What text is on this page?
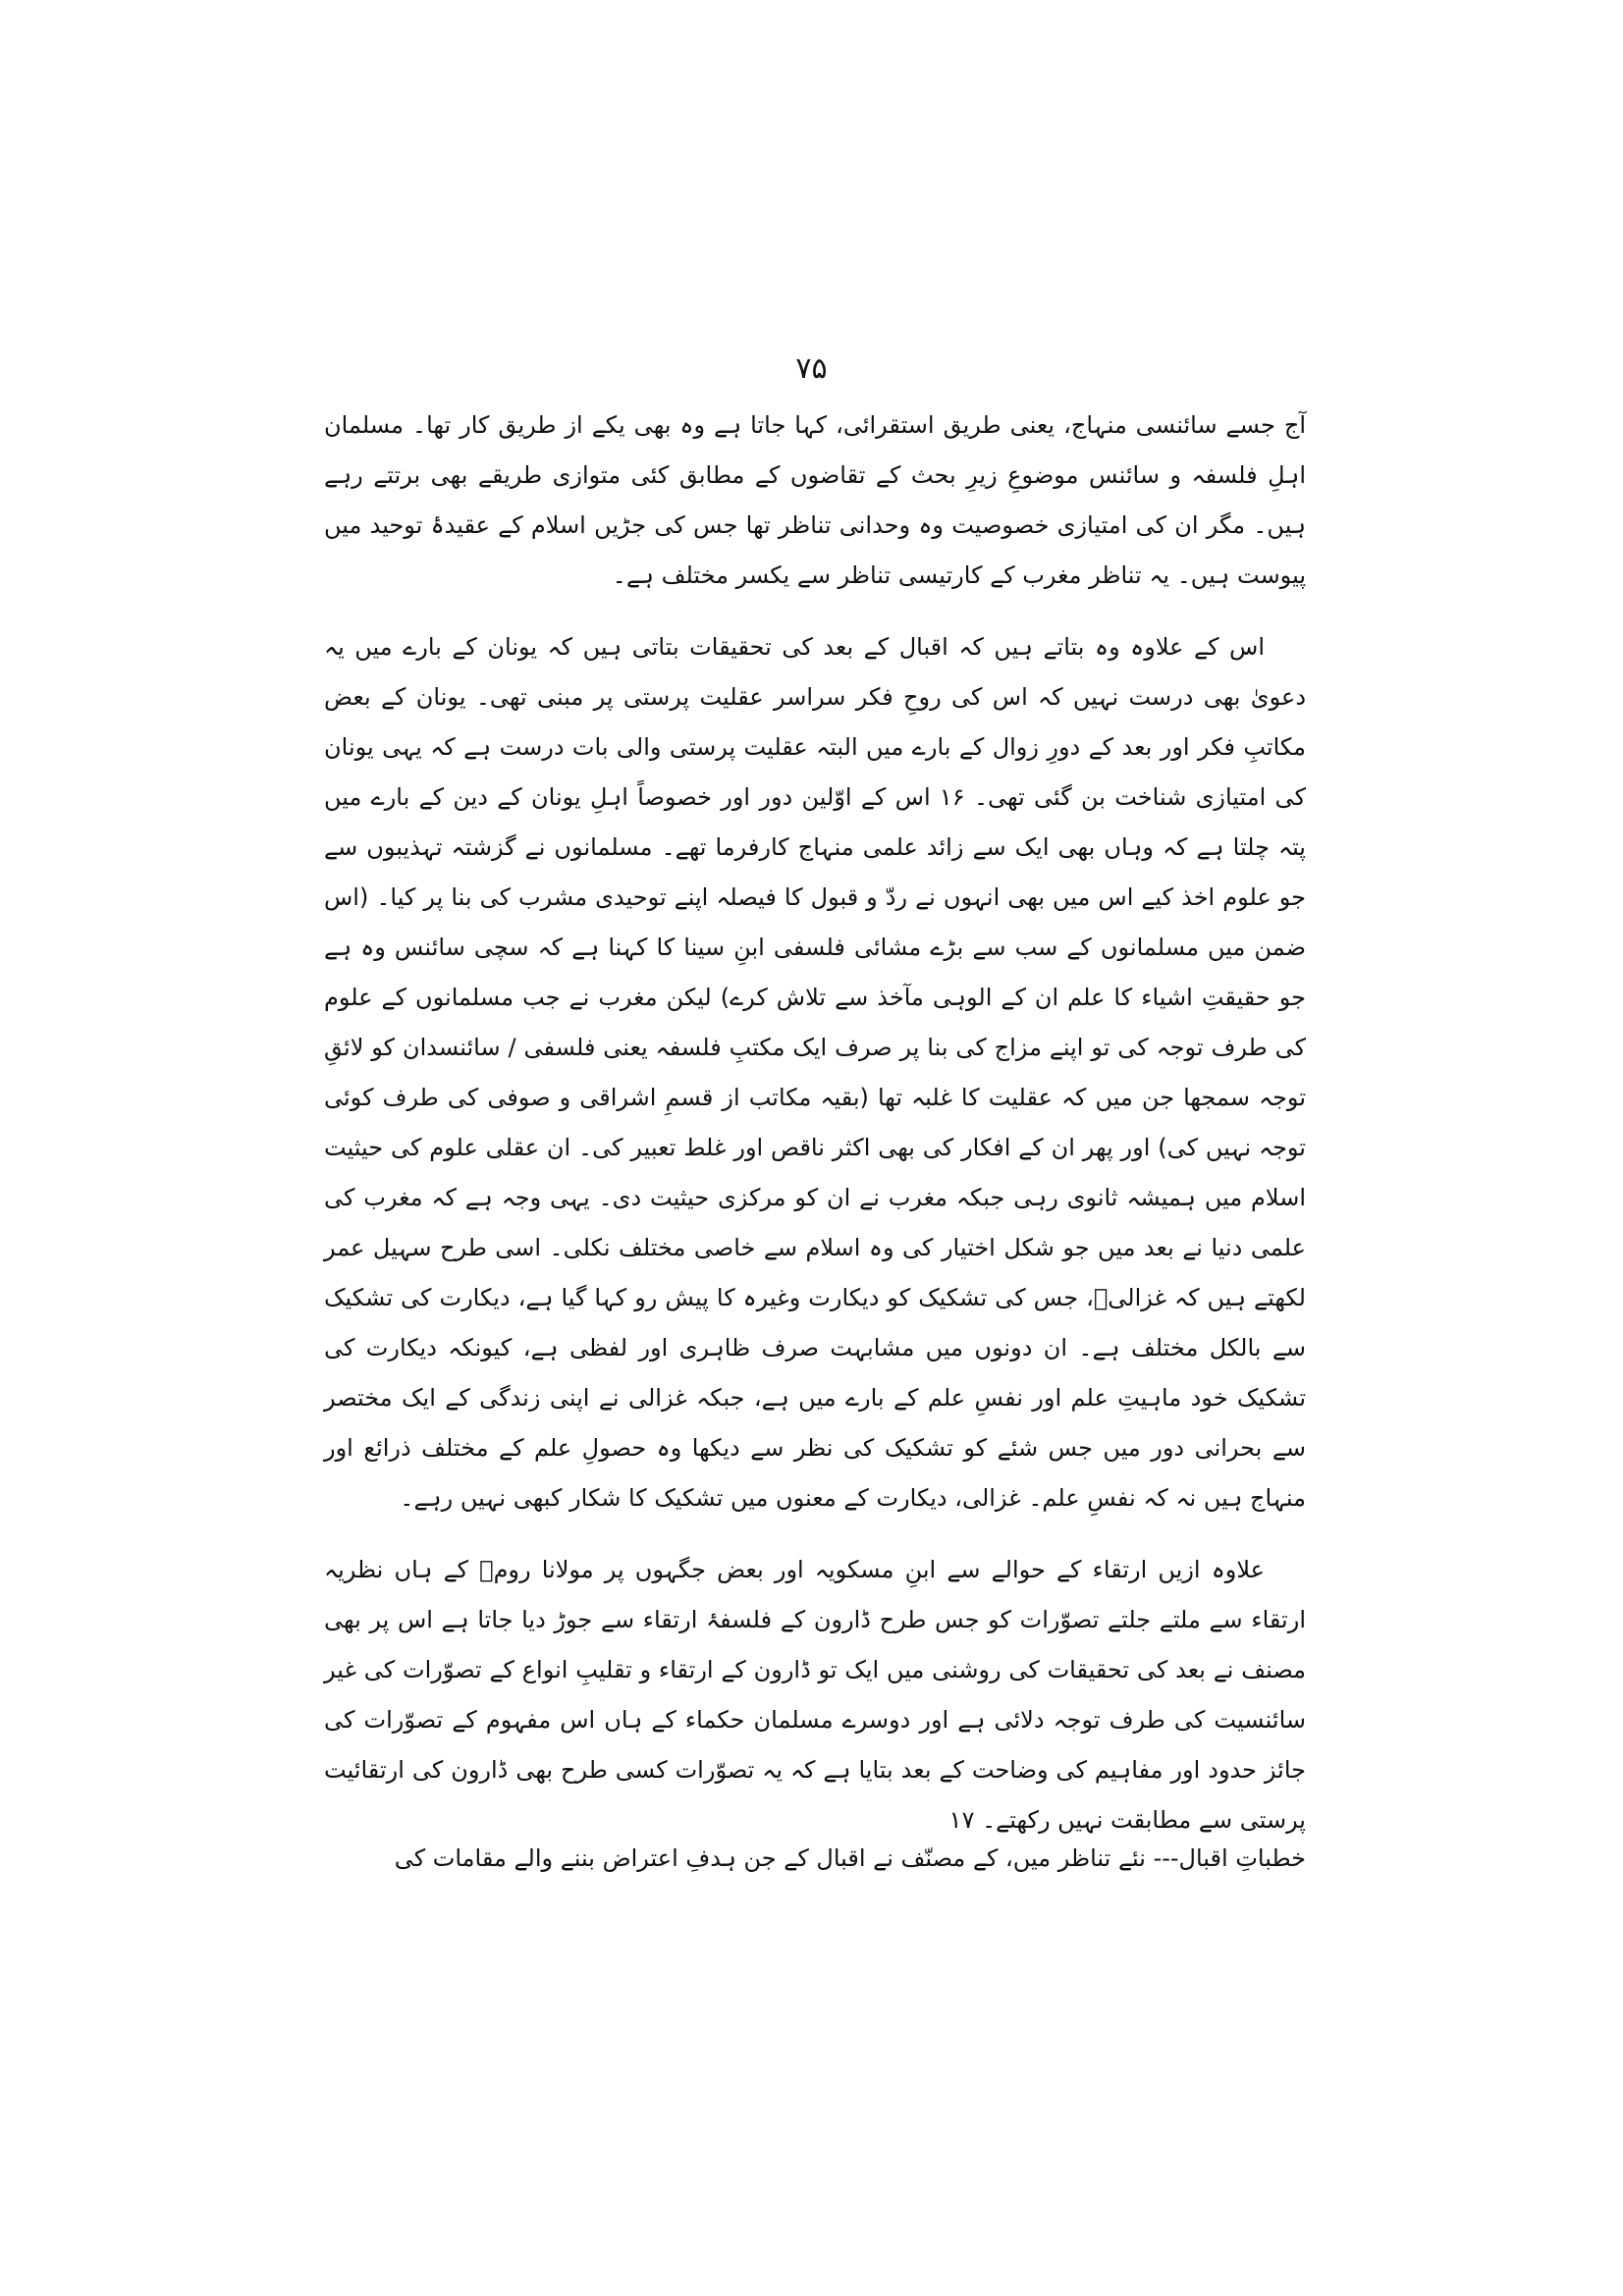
۷۵

آج جسے سائنسی منہاج، یعنی طریق استقرائی، کہا جاتا ہے وہ بھی یکے از طریق کار تھا۔ مسلمان اہلِ فلسفہ و سائنس موضوعِ زیرِ بحث کے تقاضوں کے مطابق کئی متوازی طریقے بھی برتتے رہے ہیں۔ مگر ان کی امتیازی خصوصیت وہ وحدانی تناظر تھا جس کی جڑیں اسلام کے عقیدۂ توحید میں پیوست ہیں۔ یہ تناظر مغرب کے کارتیسی تناظر سے یکسر مختلف ہے۔

اس کے علاوہ وہ بتاتے ہیں کہ اقبال کے بعد کی تحقیقات بتاتی ہیں کہ یونان کے بارے میں یہ دعویٰ بھی درست نہیں کہ اس کی روحِ فکر سراسر عقلیت پرستی پر مبنی تھی۔ یونان کے بعض مکاتبِ فکر اور بعد کے دورِ زوال کے بارے میں البتہ عقلیت پرستی والی بات درست ہے کہ یہی یونان کی امتیازی شناخت بن گئی تھی۔ ۱۶ اس کے اوّلین دور اور خصوصاً اہلِ یونان کے دین کے بارے میں پتہ چلتا ہے کہ وہاں بھی ایک سے زائد علمی منہاج کارفرما تھے۔ مسلمانوں نے گزشتہ تہذیبوں سے جو علوم اخذ کیے اس میں بھی انہوں نے ردّ و قبول کا فیصلہ اپنے توحیدی مشرب کی بنا پر کیا۔ (اس ضمن میں مسلمانوں کے سب سے بڑے مشائی فلسفی ابنِ سینا کا کہنا ہے کہ سچی سائنس وہ ہے جو حقیقتِ اشیاء کا علم ان کے الوہی مآخذ سے تلاش کرے) لیکن مغرب نے جب مسلمانوں کے علوم کی طرف توجہ کی تو اپنے مزاج کی بنا پر صرف ایک مکتبِ فلسفہ یعنی فلسفی / سائنسدان کو لائقِ توجہ سمجھا جن میں کہ عقلیت کا غلبہ تھا (بقیہ مکاتب از قسمِ اشراقی و صوفی کی طرف کوئی توجہ نہیں کی) اور پھر ان کے افکار کی بھی اکثر ناقص اور غلط تعبیر کی۔ ان عقلی علوم کی حیثیت اسلام میں ہمیشہ ثانوی رہی جبکہ مغرب نے ان کو مرکزی حیثیت دی۔ یہی وجہ ہے کہ مغرب کی علمی دنیا نے بعد میں جو شکل اختیار کی وہ اسلام سے خاصی مختلف نکلی۔ اسی طرح سہیل عمر لکھتے ہیں کہ غزالیؒ، جس کی تشکیک کو دیکارت وغیرہ کا پیش رو کہا گیا ہے، دیکارت کی تشکیک سے بالکل مختلف ہے۔ ان دونوں میں مشابہت صرف ظاہری اور لفظی ہے، کیونکہ دیکارت کی تشکیک خود ماہیتِ علم اور نفسِ علم کے بارے میں ہے، جبکہ غزالی نے اپنی زندگی کے ایک مختصر سے بحرانی دور میں جس شئے کو تشکیک کی نظر سے دیکھا وہ حصولِ علم کے مختلف ذرائع اور منہاج ہیں نہ کہ نفسِ علم۔ غزالی، دیکارت کے معنوں میں تشکیک کا شکار کبھی نہیں رہے۔

علاوہ ازیں ارتقاء کے حوالے سے ابنِ مسکویہ اور بعض جگہوں پر مولانا رومؒ کے ہاں نظریہ ارتقاء سے ملتے جلتے تصوّرات کو جس طرح ڈارون کے فلسفۂ ارتقاء سے جوڑ دیا جاتا ہے اس پر بھی مصنف نے بعد کی تحقیقات کی روشنی میں ایک تو ڈارون کے ارتقاء و تقلیبِ انواع کے تصوّرات کی غیر سائنسیت کی طرف توجہ دلائی ہے اور دوسرے مسلمان حکماء کے ہاں اس مفہوم کے تصوّرات کی جائز حدود اور مفاہیم کی وضاحت کے بعد بتایا ہے کہ یہ تصوّرات کسی طرح بھی ڈارون کی ارتقائیت پرستی سے مطابقت نہیں رکھتے۔ ۱۷

خطباتِ اقبال--- نئے تناظر میں، کے مصنّف نے اقبال کے جن ہدفِ اعتراض بننے والے مقامات کی
